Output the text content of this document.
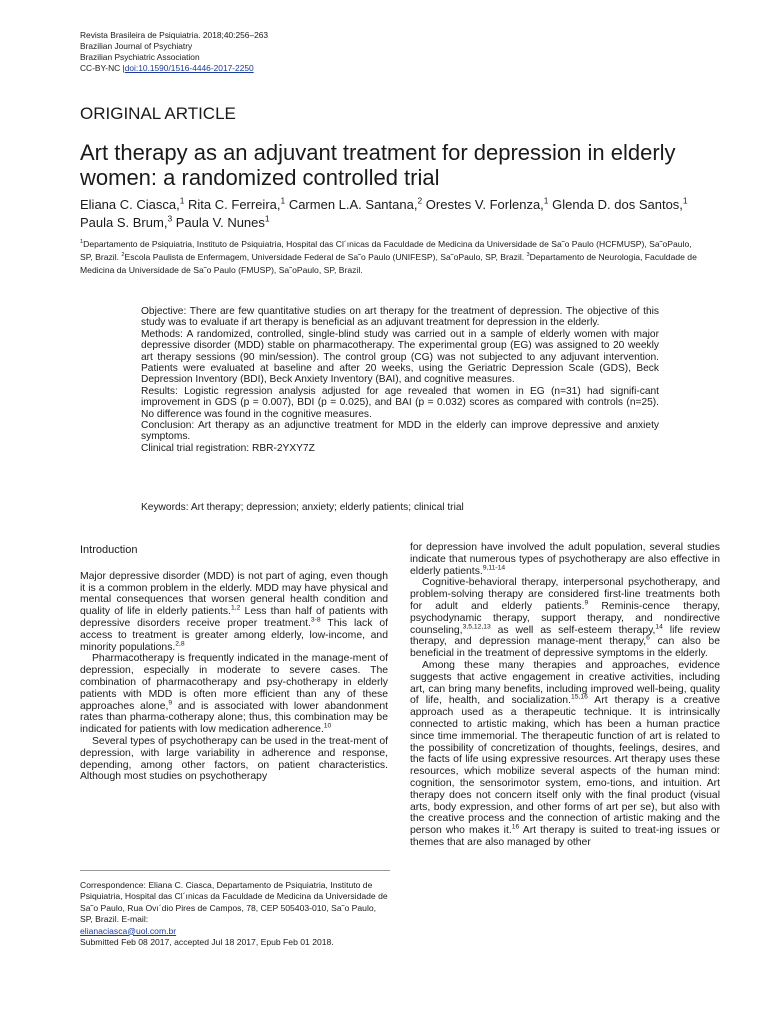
Revista Brasileira de Psiquiatria. 2018;40:256–263
Brazilian Journal of Psychiatry
Brazilian Psychiatric Association
CC-BY-NC |doi:10.1590/1516-4446-2017-2250
ORIGINAL ARTICLE
Art therapy as an adjuvant treatment for depression in elderly women: a randomized controlled trial
Eliana C. Ciasca,$^1$ Rita C. Ferreira,$^1$ Carmen L.A. Santana,$^2$ Orestes V. Forlenza,$^1$ Glenda D. dos Santos,$^1$ Paula S. Brum,$^3$ Paula V. Nunes$^1$
$^1$Departamento de Psiquiatria, Instituto de Psiquiatria, Hospital das Cl´ınicas da Faculdade de Medicina da Universidade de Sa˜o Paulo (HCFMUSP), Sa˜oPaulo, SP, Brazil. $^2$Escola Paulista de Enfermagem, Universidade Federal de Sa˜o Paulo (UNIFESP), Sa˜oPaulo, SP, Brazil. $^3$Departamento de Neurologia, Faculdade de Medicina da Universidade de Sa˜o Paulo (FMUSP), Sa˜oPaulo, SP, Brazil.

Objective: There are few quantitative studies on art therapy for the treatment of depression. The objective of this study was to evaluate if art therapy is beneficial as an adjuvant treatment for depression in the elderly.

Methods: A randomized, controlled, single-blind study was carried out in a sample of elderly women with major depressive disorder (MDD) stable on pharmacotherapy. The experimental group (EG) was assigned to 20 weekly art therapy sessions (90 min/session). The control group (CG) was not subjected to any adjuvant intervention. Patients were evaluated at baseline and after 20 weeks, using the Geriatric Depression Scale (GDS), Beck Depression Inventory (BDI), Beck Anxiety Inventory (BAI), and cognitive measures.

Results: Logistic regression analysis adjusted for age revealed that women in EG (n=31) had signifi-cant improvement in GDS (p = 0.007), BDI (p = 0.025), and BAI (p = 0.032) scores as compared with controls (n=25). No difference was found in the cognitive measures.

Conclusion: Art therapy as an adjunctive treatment for MDD in the elderly can improve depressive and anxiety symptoms.

Clinical trial registration: RBR-2YXY7Z

Keywords: Art therapy; depression; anxiety; elderly patients; clinical trial

Introduction

Major depressive disorder (MDD) is not part of aging, even though it is a common problem in the elderly. MDD may have physical and mental consequences that worsen general health condition and quality of life in elderly patients.$^{1,2}$ Less than half of patients with depressive disorders receive proper treatment.$^{3-8}$ This lack of access to treatment is greater among elderly, low-income, and minority populations.$^{2,8}$

Pharmacotherapy is frequently indicated in the manage-ment of depression, especially in moderate to severe cases. The combination of pharmacotherapy and psy-chotherapy in elderly patients with MDD is often more efficient than any of these approaches alone,$^9$ and is associated with lower abandonment rates than pharma-cotherapy alone; thus, this combination may be indicated for patients with low medication adherence.$^{10}$

Several types of psychotherapy can be used in the treat-ment of depression, with large variability in adherence and response, depending, among other factors, on patient characteristics. Although most studies on psychotherapy

for depression have involved the adult population, several studies indicate that numerous types of psychotherapy are also effective in elderly patients.$^{9,11-14}$

Cognitive-behavioral therapy, interpersonal psychotherapy, and problem-solving therapy are considered first-line treatments both for adult and elderly patients.$^9$ Reminis-cence therapy, psychodynamic therapy, support therapy, and nondirective counseling,$^{3,5,12,13}$ as well as self-esteem therapy,$^{14}$ life review therapy, and depression manage-ment therapy,$^6$ can also be beneficial in the treatment of depressive symptoms in the elderly.

Among these many therapies and approaches, evidence suggests that active engagement in creative activities, including art, can bring many benefits, including improved well-being, quality of life, health, and socialization.$^{15,16}$ Art therapy is a creative approach used as a therapeutic technique. It is intrinsically connected to artistic making, which has been a human practice since time immemorial. The therapeutic function of art is related to the possibility of concretization of thoughts, feelings, desires, and the facts of life using expressive resources. Art therapy uses these resources, which mobilize several aspects of the human mind: cognition, the sensorimotor system, emo-tions, and intuition. Art therapy does not concern itself only with the final product (visual arts, body expression, and other forms of art per se), but also with the creative process and the connection of artistic making and the person who makes it.$^{16}$ Art therapy is suited to treat-ing issues or themes that are also managed by other

Correspondence: Eliana C. Ciasca, Departamento de Psiquiatria, Instituto de Psiquiatria, Hospital das Cl´ınicas da Faculdade de Medicina da Universidade de Sa˜o Paulo, Rua Ovı´dio Pires de Campos, 78, CEP 505403-010, Sa˜o Paulo, SP, Brazil. E-mail:
elianaciasca@uol.com.br
Submitted Feb 08 2017, accepted Jul 18 2017, Epub Feb 01 2018.
